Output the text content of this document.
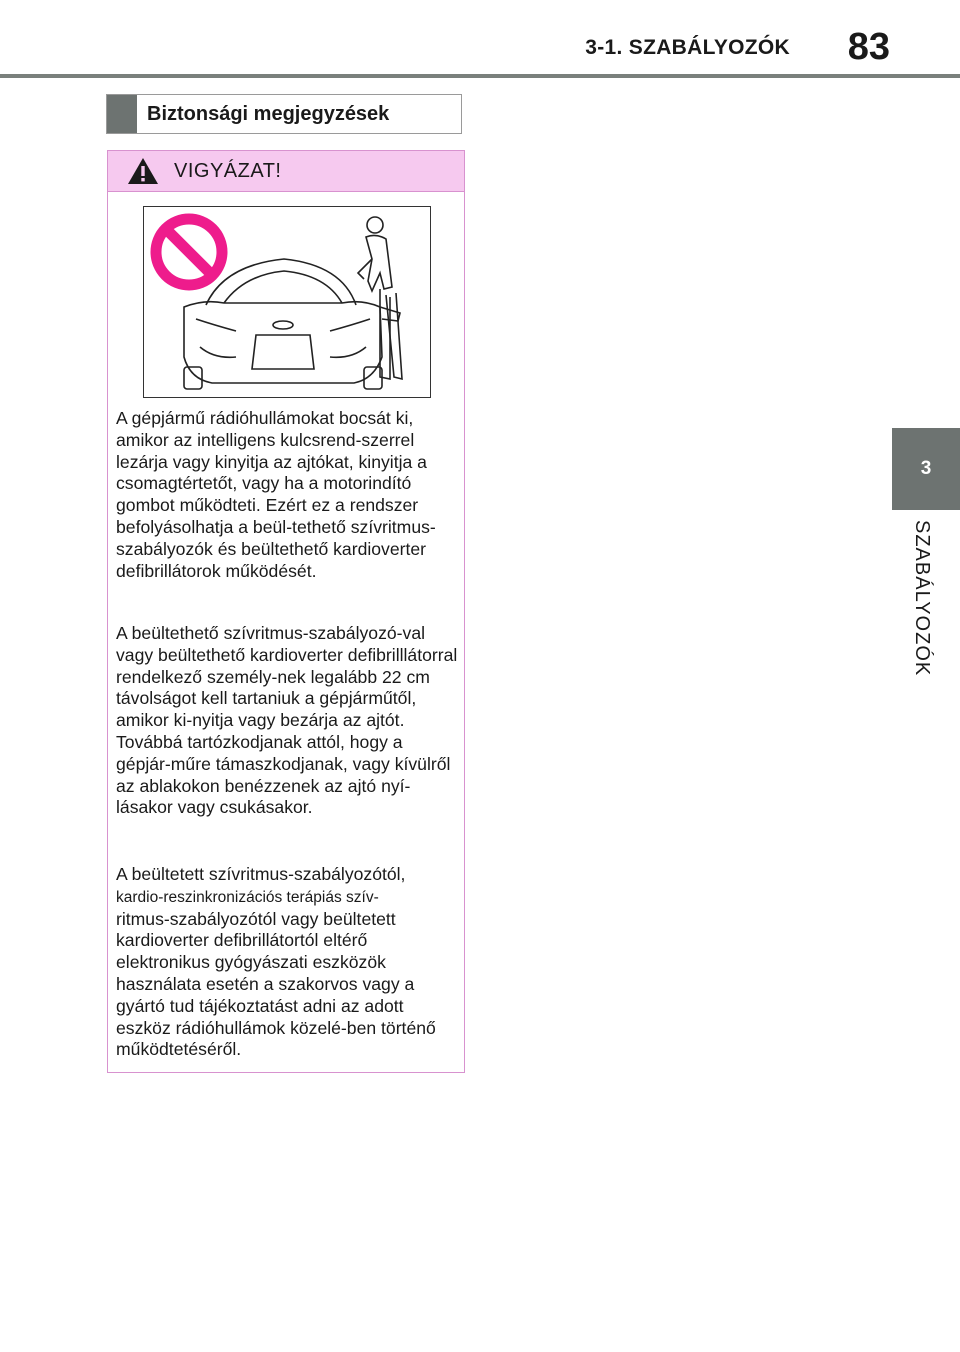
3-1. SZABÁLYOZÓK 83
3
SZABÁLYOZÓK
Biztonsági megjegyzések
VIGYÁZAT!

A gépjármű rádióhullámokat bocsát ki, amikor az intelligens kulcsrend-szerrel lezárja vagy kinyitja az ajtókat, kinyitja a csomagtértetőt, vagy ha a motorindító gombot működteti. Ezért ez a rendszer befolyásolhatja a beül-tethető szívritmus-szabályozók és beültethető kardioverter defibrillátorok működését.

A beültethető szívritmus-szabályozó-val vagy beültethető kardioverter defibrilllátorral rendelkező személy-nek legalább 22 cm távolságot kell tartaniuk a gépjárműtől, amikor ki-nyitja vagy bezárja az ajtót. Továbbá tartózkodjanak attól, hogy a gépjár-műre támaszkodjanak, vagy kívülről az ablakokon benézzenek az ajtó nyí-lásakor vagy csukásakor.

A beültetett szívritmus-szabályozótól,
kardio-reszinkronizációs terápiás szív-
ritmus-szabályozótól vagy beültetett kardioverter defibrillátortól eltérő elektronikus gyógyászati eszközök használata esetén a szakorvos vagy a gyártó tud tájékoztatást adni az adott eszköz rádióhullámok közelé-ben történő működtetéséről.
